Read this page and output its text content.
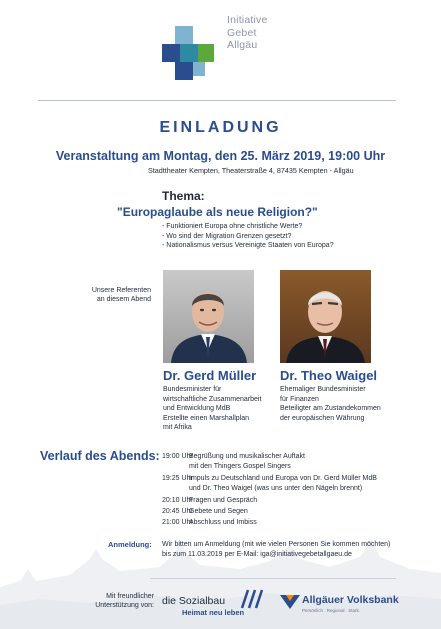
Initiative
Gebet
Allgäu
EINLADUNG
Veranstaltung am Montag, den 25. März 2019, 19:00 Uhr
Stadttheater Kempten, Theaterstraße 4, 87435 Kempten - Allgäu
Thema:
"Europaglaube als neue Religion?"
- Funktioniert Europa ohne christliche Werte?
- Wo sind der Migration Grenzen gesetzt?
- Nationalismus versus Vereinigte Staaten von Europa?
Unsere Referenten
an diesem Abend
Dr. Gerd Müller
Bundesminister für
wirtschaftliche Zusammenarbeit
und Entwicklung MdB
Erstellte einen Marshallplan
mit Afrika
Dr. Theo Waigel
Ehemaliger Bundesminister
für Finanzen
Beteiligter am Zustandekommen
der europäischen Währung
Verlauf des Abends: 19:00 UhrBegrüßung und musikalischer Auftakt
mit den Thingers Gospel Singers
19:25 UhrImpuls zu Deutschland und Europa von Dr. Gerd Müller MdB
und Dr. Theo Waigel (was uns unter den Nägeln brennt)
20:10 UhrFragen und Gespräch
20:45 UhrGebete und Segen
21:00 UhrAbschluss und Imbiss
Anmeldung: Wir bitten um Anmeldung (mit wie vielen Personen Sie kommen möchten)
bis zum 11.03.2019 per E-Mail: iga@initiativegebetallgaeu.de
Mit freundlicher
Unterstützung von: die Sozialbau
Heimat neu leben
Allgäuer Volksbank
Persönlich . Regional . Stark.
